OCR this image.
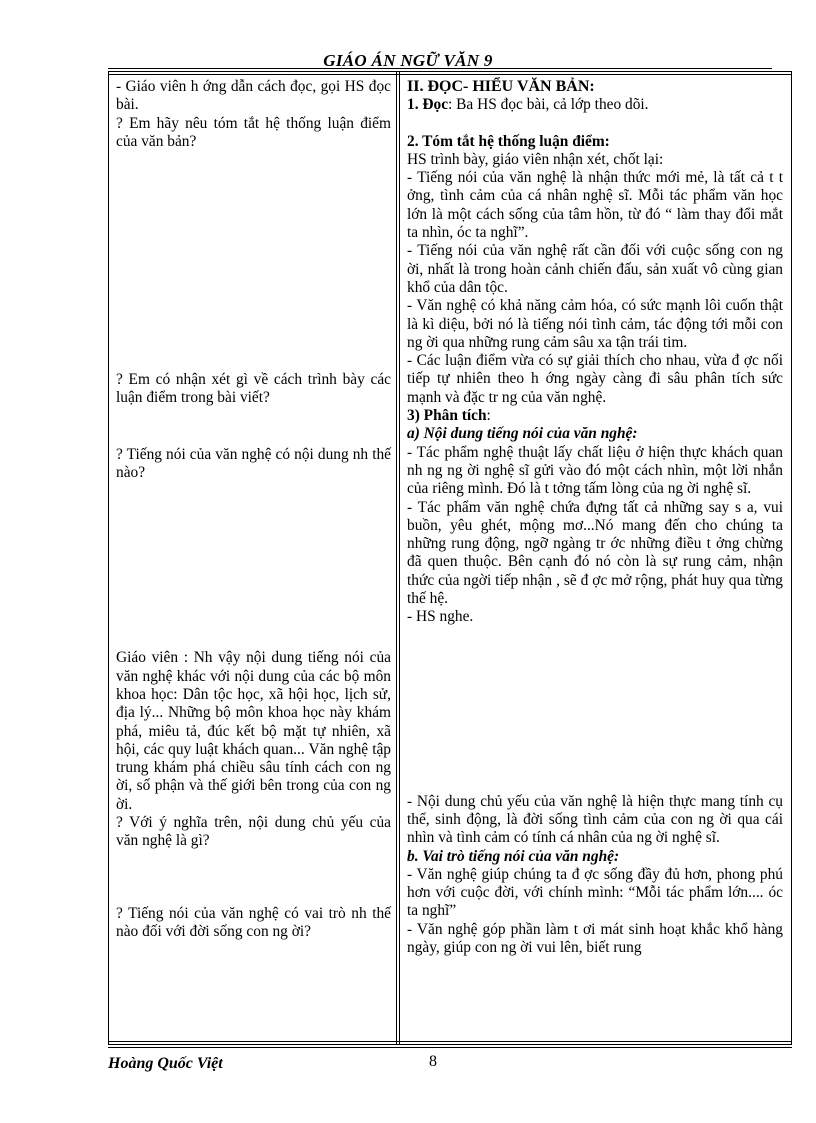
GIÁO ÁN NGỮ VĂN 9

- Giáo viên h ớng dẫn cách đọc, gọi HS đọc bài.

? Em hãy nêu tóm tắt hệ thống luận điểm của văn bản?

? Em có nhận xét gì về cách trình bày các luận điểm trong bài viết?

? Tiếng nói của văn nghệ có nội dung nh thế nào?

Giáo viên : Nh vậy nội dung tiếng nói của văn nghệ khác với nội dung của các bộ môn khoa học: Dân tộc học, xã hội học, lịch sử, địa lý... Những bộ môn khoa học này khám phá, miêu tả, đúc kết bộ mặt tự nhiên, xã hội, các quy luật khách quan... Văn nghệ tập trung khám phá chiều sâu tính cách con ng ời, số phận và thế giới bên trong của con ng ời.

? Với ý nghĩa trên, nội dung chủ yếu của văn nghệ là gì?

? Tiếng nói của văn nghệ có vai trò nh thế nào đối với đời sống con ng ời?

II. ĐỌC- HIỂU VĂN BẢN:

1. Đọc: Ba HS đọc bài, cả lớp theo dõi.

2. Tóm tắt hệ thống luận điểm:

HS trình bày, giáo viên nhận xét, chốt lại:

- Tiếng nói của văn nghệ là nhận thức mới mẻ, là tất cả t t ởng, tình cảm của cá nhân nghệ sĩ. Mỗi tác phẩm văn học lớn là một cách sống của tâm hồn, từ đó “ làm thay đổi mắt ta nhìn, óc ta nghĩ”.

- Tiếng nói của văn nghệ rất cần đối với cuộc sống con ng ời, nhất là trong hoàn cảnh chiến đấu, sản xuất vô cùng gian khổ của dân tộc.

- Văn nghệ có khả năng cảm hóa, có sức mạnh lôi cuốn thật là kì diệu, bởi nó là tiếng nói tình cảm, tác động tới mỗi con ng ời qua những rung cảm sâu xa tận trái tim.

- Các luận điểm vừa có sự giải thích cho nhau, vừa đ ợc nối tiếp tự nhiên theo h ớng ngày càng đi sâu phân tích sức mạnh và đặc tr ng của văn nghệ.

3) Phân tích:

a) Nội dung tiếng nói của văn nghệ:

- Tác phẩm nghệ thuật lấy chất liệu ở hiện thực khách quan nh ng ng ời nghệ sĩ gửi vào đó một cách nhìn, một lời nhắn của riêng mình. Đó là t tởng tấm lòng của ng ời nghệ sĩ.

- Tác phẩm văn nghệ chứa đựng tất cả những say s a, vui buồn, yêu ghét, mộng mơ...Nó mang đến cho chúng ta những rung động, ngỡ ngàng tr ớc những điều t ởng chừng đã quen thuộc. Bên cạnh đó nó còn là sự rung cảm, nhận thức của ngời tiếp nhận , sẽ đ ợc mở rộng, phát huy qua từng thế hệ.

- HS nghe.

- Nội dung chủ yếu của văn nghệ là hiện thực mang tính cụ thể, sinh động, là đời sống tình cảm của con ng ời qua cái nhìn và tình cảm có tính cá nhân của ng ời nghệ sĩ.

b. Vai trò tiếng nói của văn nghệ:

- Văn nghệ giúp chúng ta đ ợc sống đầy đủ hơn, phong phú hơn với cuộc đời, với chính mình: “Mỗi tác phẩm lớn.... óc ta nghĩ”

- Văn nghệ góp phần làm t ơi mát sinh hoạt khắc khổ hàng ngày, giúp con ng ời vui lên, biết rung

Hoàng Quốc Việt	8
